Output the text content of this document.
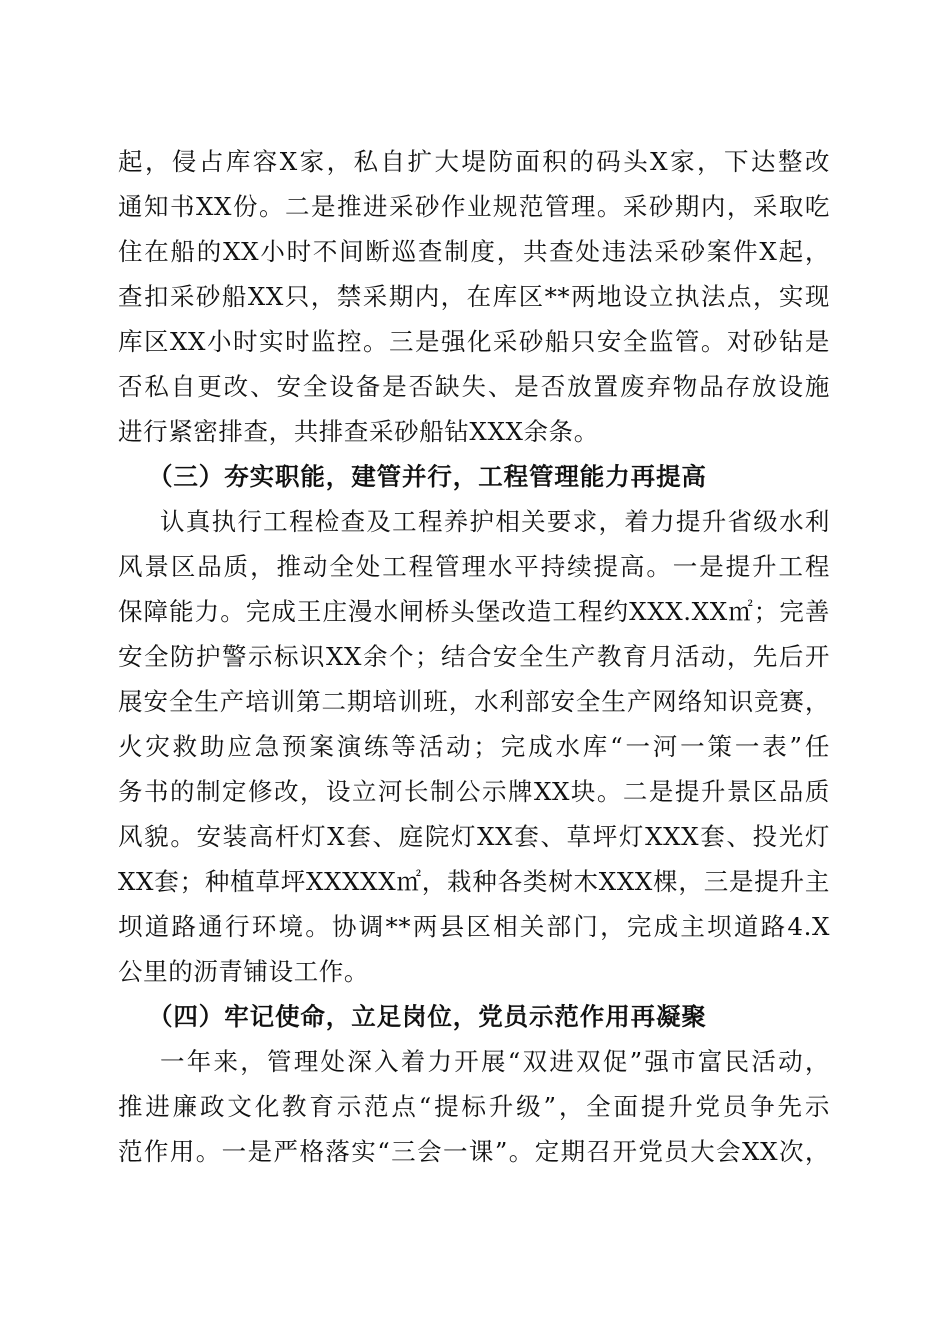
起，侵占库容X家，私自扩大堤防面积的码头X家，下达整改
通知书XX份。二是推进采砂作业规范管理。采砂期内，采取吃
住在船的XX小时不间断巡查制度，共查处违法采砂案件X起，
查扣采砂船XX只，禁采期内，在库区**两地设立执法点，实现
库区XX小时实时监控。三是强化采砂船只安全监管。对砂钻是
否私自更改、安全设备是否缺失、是否放置废弃物品存放设施
进行紧密排查，共排查采砂船钻XXX余条。
（三）夯实职能，建管并行，工程管理能力再提高
认真执行工程检查及工程养护相关要求，着力提升省级水利
风景区品质，推动全处工程管理水平持续提高。一是提升工程
保障能力。完成王庄漫水闸桥头堡改造工程约XXX.XX㎡；完善
安全防护警示标识XX余个；结合安全生产教育月活动，先后开
展安全生产培训第二期培训班，水利部安全生产网络知识竞赛，
火灾救助应急预案演练等活动；完成水库“一河一策一表”任
务书的制定修改，设立河长制公示牌XX块。二是提升景区品质
风貌。安装高杆灯X套、庭院灯XX套、草坪灯XXX套、投光灯
XX套；种植草坪XXXXX㎡，栽种各类树木XXX棵，三是提升主
坝道路通行环境。协调**两县区相关部门，完成主坝道路4.X
公里的沥青铺设工作。
（四）牢记使命，立足岗位，党员示范作用再凝聚
一年来，管理处深入着力开展“双进双促”强市富民活动，
推进廉政文化教育示范点“提标升级”，全面提升党员争先示
范作用。一是严格落实“三会一课”。定期召开党员大会XX次，
